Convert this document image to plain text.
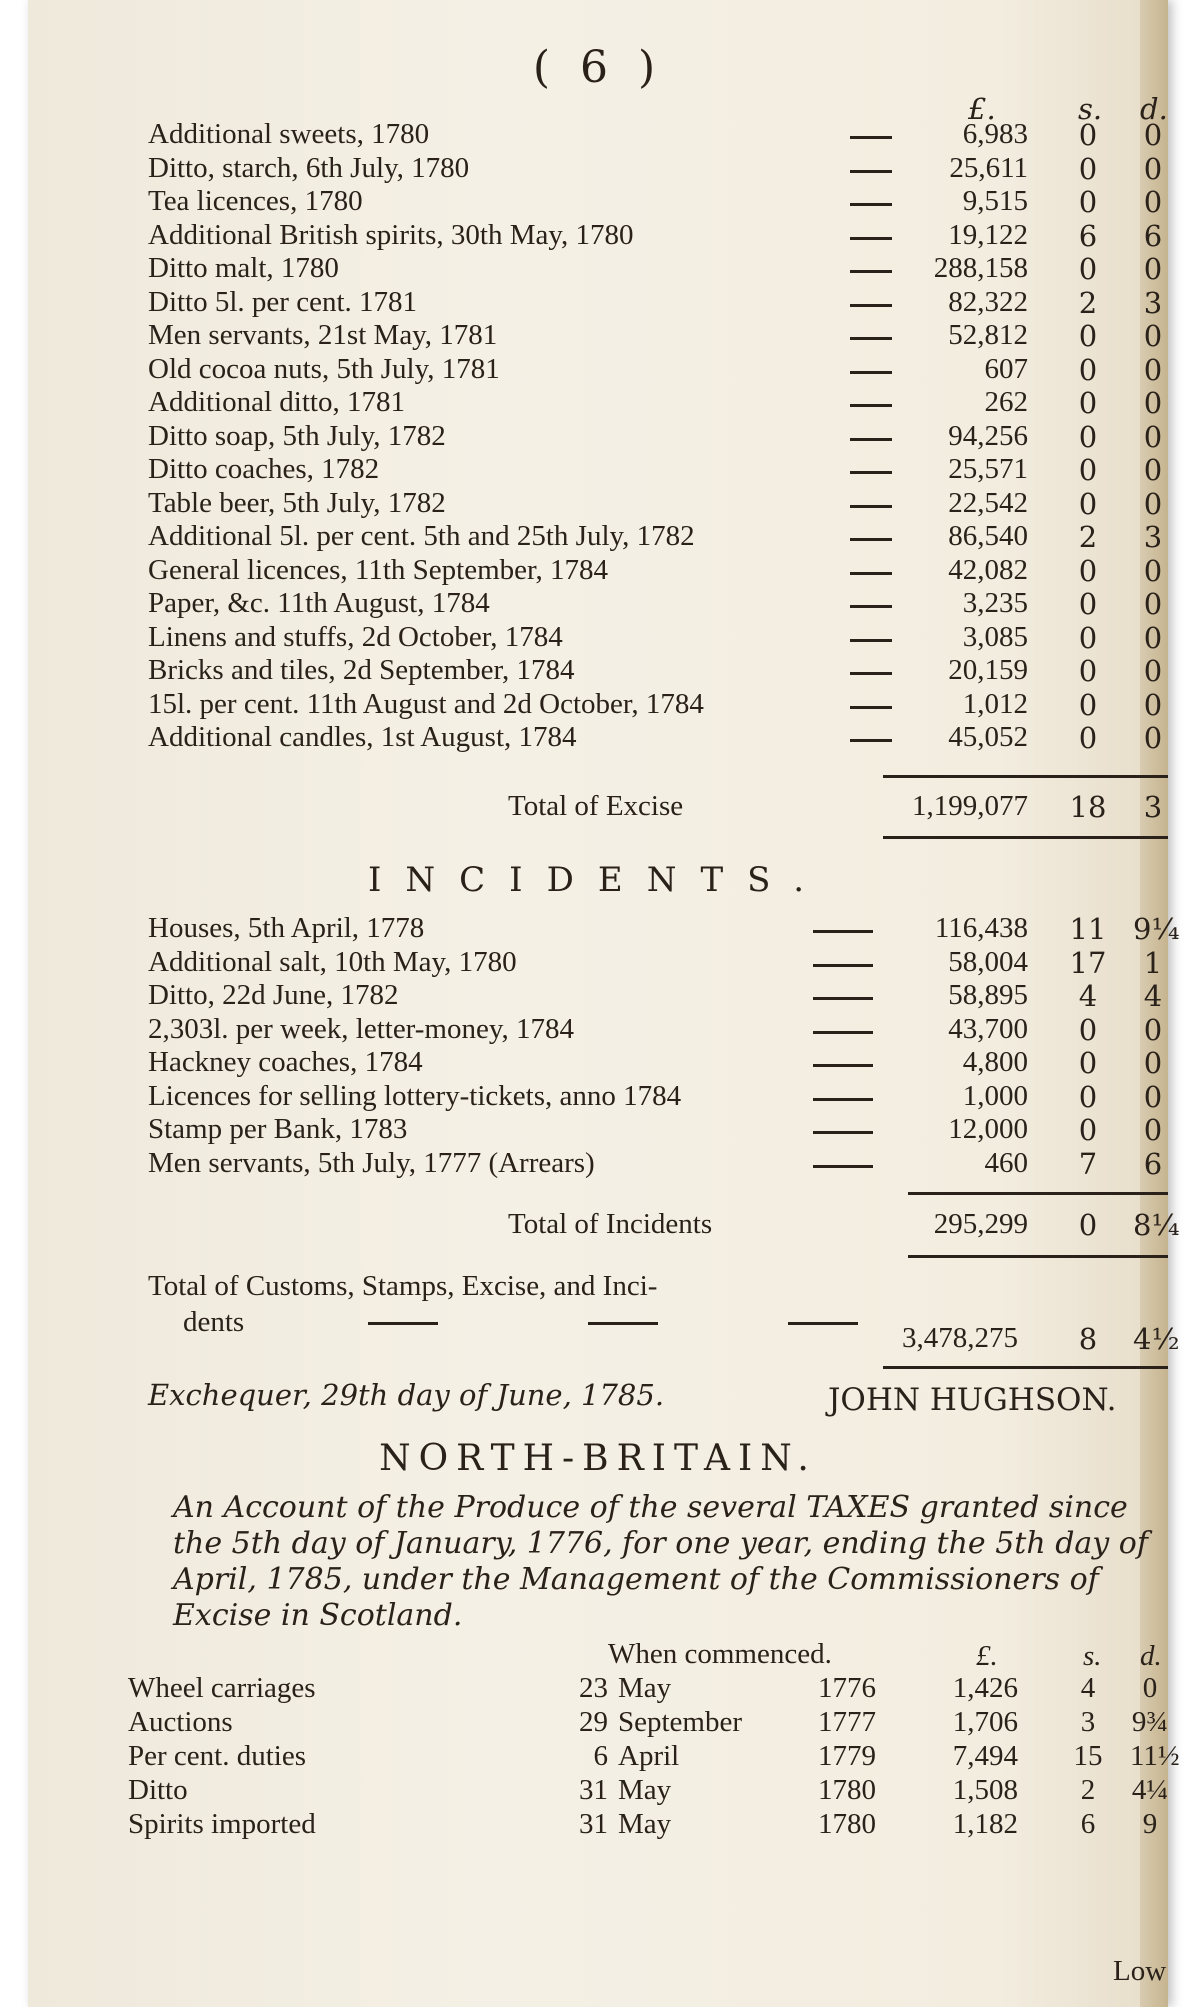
( 6 )
£.	s. d.
Additional sweets, 1780	6,983	0	0
Ditto, starch, 6th July, 1780	25,611	0	0
Tea licences, 1780	9,515	0	0
Additional British spirits, 30th May, 1780	19,122	6	6
Ditto malt, 1780	288,158	0	0
Ditto 5l. per cent. 1781	82,322	2	3
Men servants, 21st May, 1781	52,812	0	0
Old cocoa nuts, 5th July, 1781	607	0	0
Additional ditto, 1781	262	0	0
Ditto soap, 5th July, 1782	94,256	0	0
Ditto coaches, 1782	25,571	0	0
Table beer, 5th July, 1782	22,542	0	0
Additional 5l. per cent. 5th and 25th July, 1782	86,540	2	3
General licences, 11th September, 1784	42,082	0	0
Paper, &c. 11th August, 1784	3,235	0	0
Linens and stuffs, 2d October, 1784	3,085	0	0
Bricks and tiles, 2d September, 1784	20,159	0	0
15l. per cent. 11th August and 2d October, 1784	1,012	0	0
Additional candles, 1st August, 1784	45,052	0	0
Total of Excise	1,199,077 18	3
INCIDENTS.
Houses, 5th April, 1778	116,438 11 9¼
Additional salt, 10th May, 1780	58,004 17	1
Ditto, 22d June, 1782	58,895	4	4
2,303l. per week, letter-money, 1784	43,700	0	0
Hackney coaches, 1784	4,800	0	0
Licences for selling lottery-tickets, anno 1784	1,000	0	0
Stamp per Bank, 1783	12,000	0	0
Men servants, 5th July, 1777 (Arrears)	460	7	6
Total of Incidents	295,299	0	8¼
Total of Customs, Stamps, Excise, and Inci-
dents	3,478,275	8	4½
Exchequer, 29th day of June, 1785.	JOHN HUGHSON.
NORTH-BRITAIN.
An Account of the Produce of the several TAXES granted since the 5th day of January, 1776, for one year, ending the 5th day of April, 1785, under the Management of the Commissioners of Excise in Scotland.
When commenced.	£.	s. d.
Wheel carriages	23 May	1776	1,426	4	0
Auctions	29 September	1777	1,706	3	9¾
Per cent. duties	6 April	1779	7,494 15 11½
Ditto	31 May	1780	1,508	2	4¼
Spirits imported	31 May	1780	1,182	6	9
Low
